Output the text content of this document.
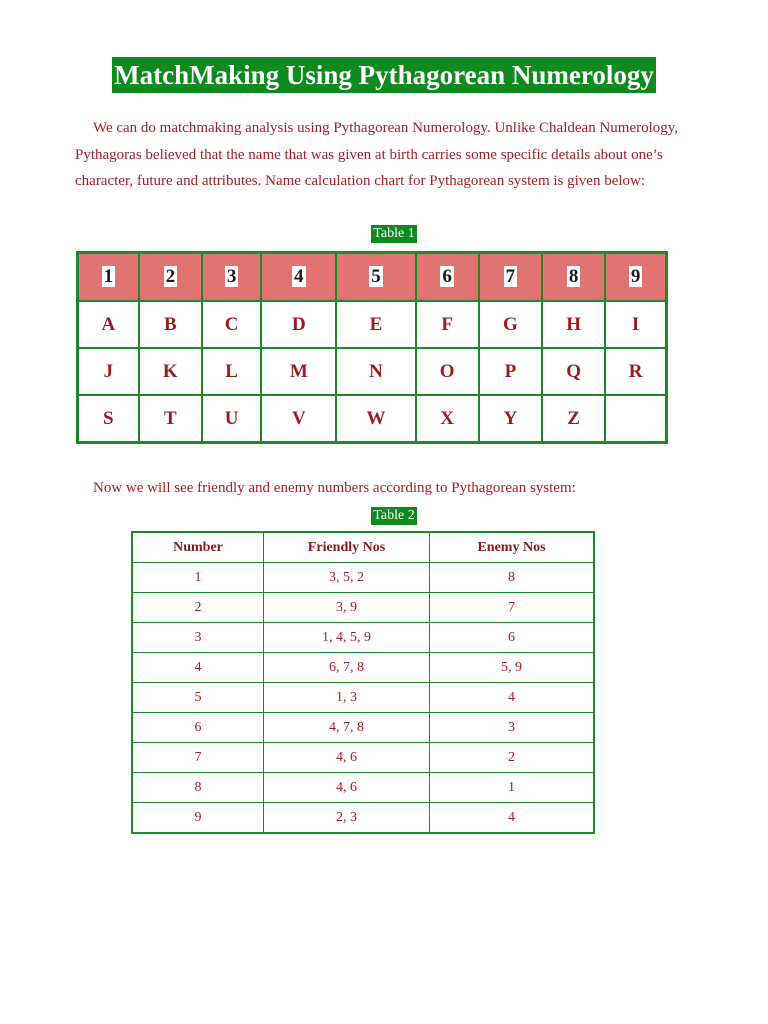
MatchMaking Using Pythagorean Numerology

We can do matchmaking analysis using Pythagorean Numerology. Unlike Chaldean Numerology, Pythagoras believed that the name that was given at birth carries some specific details about one’s character, future and attributes. Name calculation chart for Pythagorean system is given below:

Table 1
1	2	3	4	5	6	7	8	9
A	B	C	D	E	F	G	H	I
J	K	L	M	N	O	P	Q	R
S	T	U	V	W	X	Y	Z	

Now we will see friendly and enemy numbers according to Pythagorean system:

Table 2
Number	Friendly Nos	Enemy Nos
1	3, 5, 2	8
2	3, 9	7
3	1, 4, 5, 9	6
4	6, 7, 8	5, 9
5	1, 3	4
6	4, 7, 8	3
7	4, 6	2
8	4, 6	1
9	2, 3	4
